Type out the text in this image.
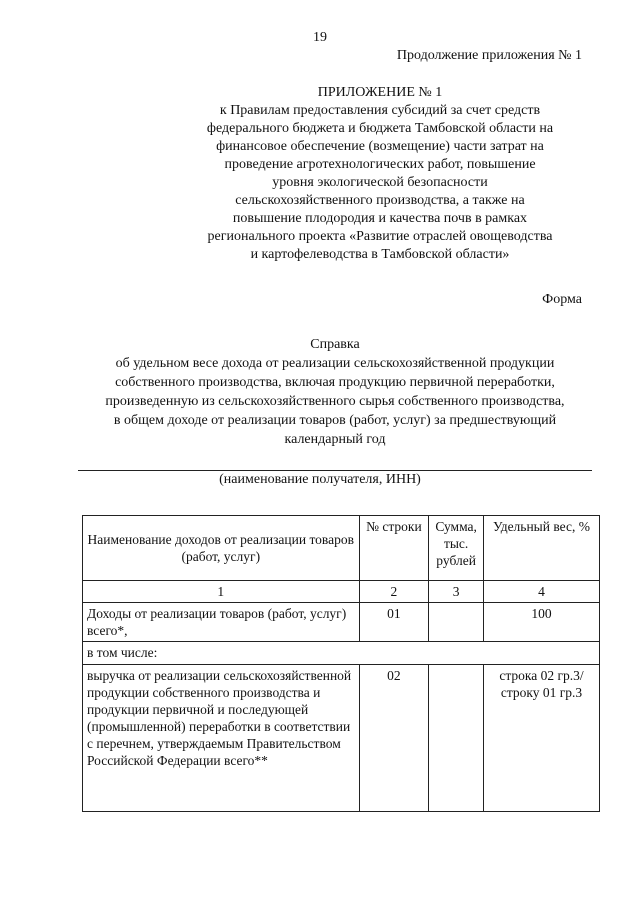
19
Продолжение приложения № 1
ПРИЛОЖЕНИЕ № 1
к Правилам предоставления субсидий за счет средств
федерального бюджета и бюджета Тамбовской области на
финансовое обеспечение (возмещение) части затрат на
проведение агротехнологических работ, повышение
уровня экологической безопасности
сельскохозяйственного производства, а также на
повышение плодородия и качества почв в рамках
регионального проекта «Развитие отраслей овощеводства
и картофелеводства в Тамбовской области»
Форма
Справка
об удельном весе дохода от реализации сельскохозяйственной продукции
собственного производства, включая продукцию первичной переработки,
произведенную из сельскохозяйственного сырья собственного производства,
в общем доходе от реализации товаров (работ, услуг) за предшествующий
календарный год
(наименование получателя, ИНН)
Наименование доходов от реализации товаров (работ, услуг)	№ строки	Сумма, тыс. рублей	Удельный вес, %
1	2	3	4
Доходы от реализации товаров (работ, услуг) всего*,	01		100
в том числе:			
выручка от реализации сельскохозяйственной продукции собственного производства и продукции первичной и последующей (промышленной) переработки в соответствии с перечнем, утверждаемым Правительством Российской Федерации всего**	02		строка 02 гр.3/ строку 01 гр.3
